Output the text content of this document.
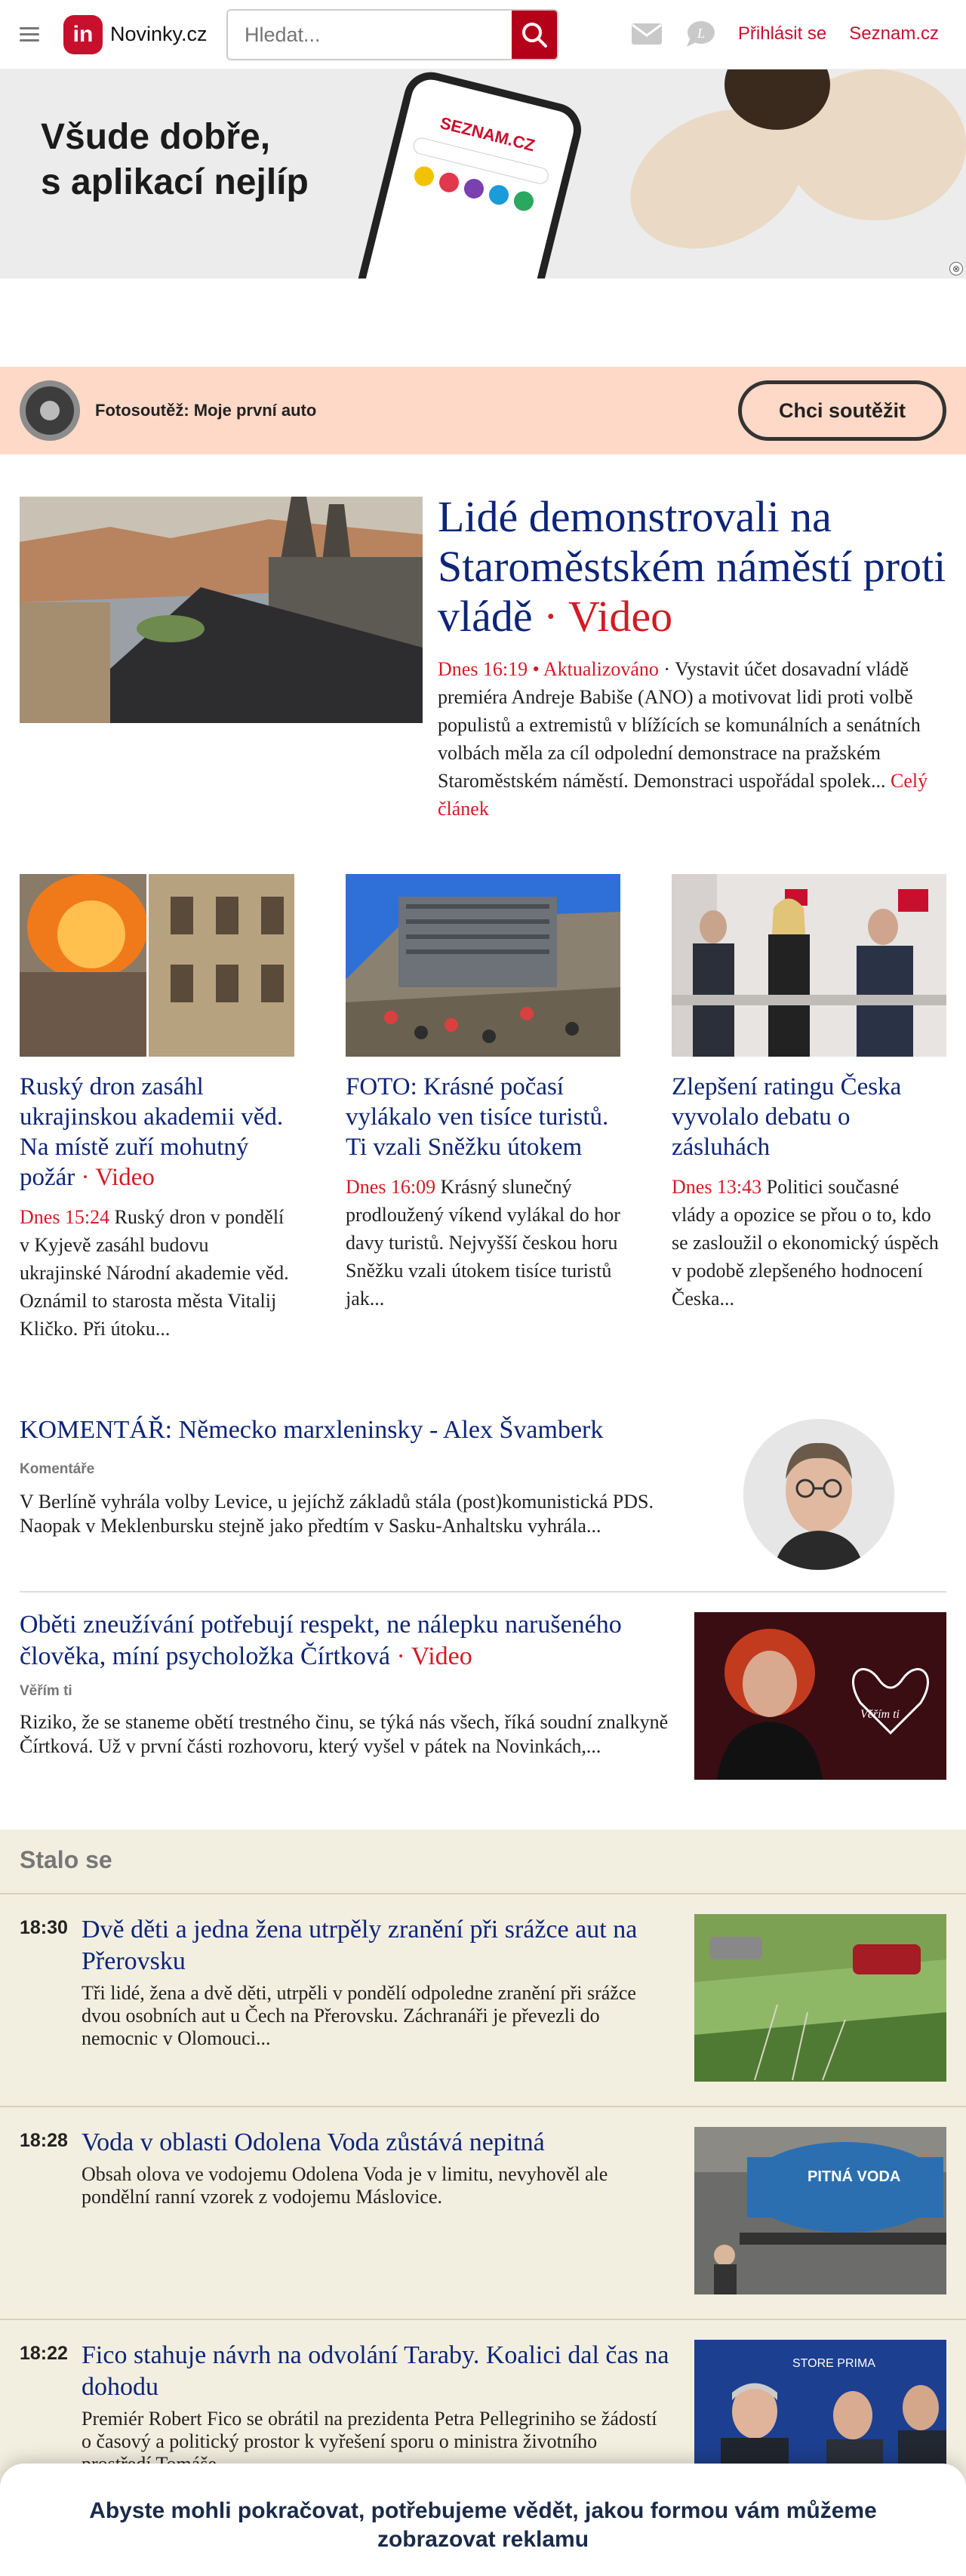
in Novinky.cz
Hledat...	L Přihlásit se Seznam.cz
Všude dobře,
s aplikací nejlíp
SEZNAM.CZ
⊗
Fotosoutěž: Moje první auto	Chci soutěžit
Lidé demonstrovali na Staroměstském náměstí proti vládě · Video
Dnes 16:19 • Aktualizováno · Vystavit účet dosavadní vládě premiéra Andreje Babiše (ANO) a motivovat lidi proti volbě populistů a extremistů v blížících se komunálních a senátních volbách měla za cíl odpolední demonstrace na pražském Staroměstském náměstí. Demonstraci uspořádal spolek... Celý článek
Ruský dron zasáhl ukrajinskou akademii věd. Na místě zuří mohutný požár · Video
Dnes 15:24 Ruský dron v pondělí v Kyjevě zasáhl budovu ukrajinské Národní akademie věd. Oznámil to starosta města Vitalij Kličko. Při útoku...
FOTO: Krásné počasí vylákalo ven tisíce turistů. Ti vzali Sněžku útokem
Dnes 16:09 Krásný slunečný prodloužený víkend vylákal do hor davy turistů. Nejvyšší českou horu Sněžku vzali útokem tisíce turistů jak...
Zlepšení ratingu Česka vyvolalo debatu o zásluhách
Dnes 13:43 Politici současné vlády a opozice se přou o to, kdo se zasloužil o ekonomický úspěch v podobě zlepšeného hodnocení Česka...
KOMENTÁŘ: Německo marxleninsky - Alex Švamberk
Komentáře
V Berlíně vyhrála volby Levice, u jejíchž základů stála (post)komunistická PDS. Naopak v Meklenbursku stejně jako předtím v Sasku-Anhaltsku vyhrála...
Oběti zneužívání potřebují respekt, ne nálepku narušeného člověka, míní psycholožka Čírtková · Video
Věřím ti
Riziko, že se staneme obětí trestného činu, se týká nás všech, říká soudní znalkyně Čírtková. Už v první části rozhovoru, který vyšel v pátek na Novinkách,...
Věřím ti
Stalo se
18:30 Dvě děti a jedna žena utrpěly zranění při srážce aut na Přerovsku
Tři lidé, žena a dvě děti, utrpěli v pondělí odpoledne zranění při srážce dvou osobních aut u Čech na Přerovsku. Záchranáři je převezli do nemocnic v Olomouci...
18:28 Voda v oblasti Odolena Voda zůstává nepitná
Obsah olova ve vodojemu Odolena Voda je v limitu, nevyhověl ale pondělní ranní vzorek z vodojemu Máslovice.
PITNÁ VODA
18:22 Fico stahuje návrh na odvolání Taraby. Koalici dal čas na dohodu
Premiér Robert Fico se obrátil na prezidenta Petra Pellegriniho se žádostí o časový a politický prostor k vyřešení sporu o ministra životního
STORE PRIMA
Abyste mohli pokračovat, potřebujeme vědět, jakou formou vám můžeme zobrazovat reklamu
